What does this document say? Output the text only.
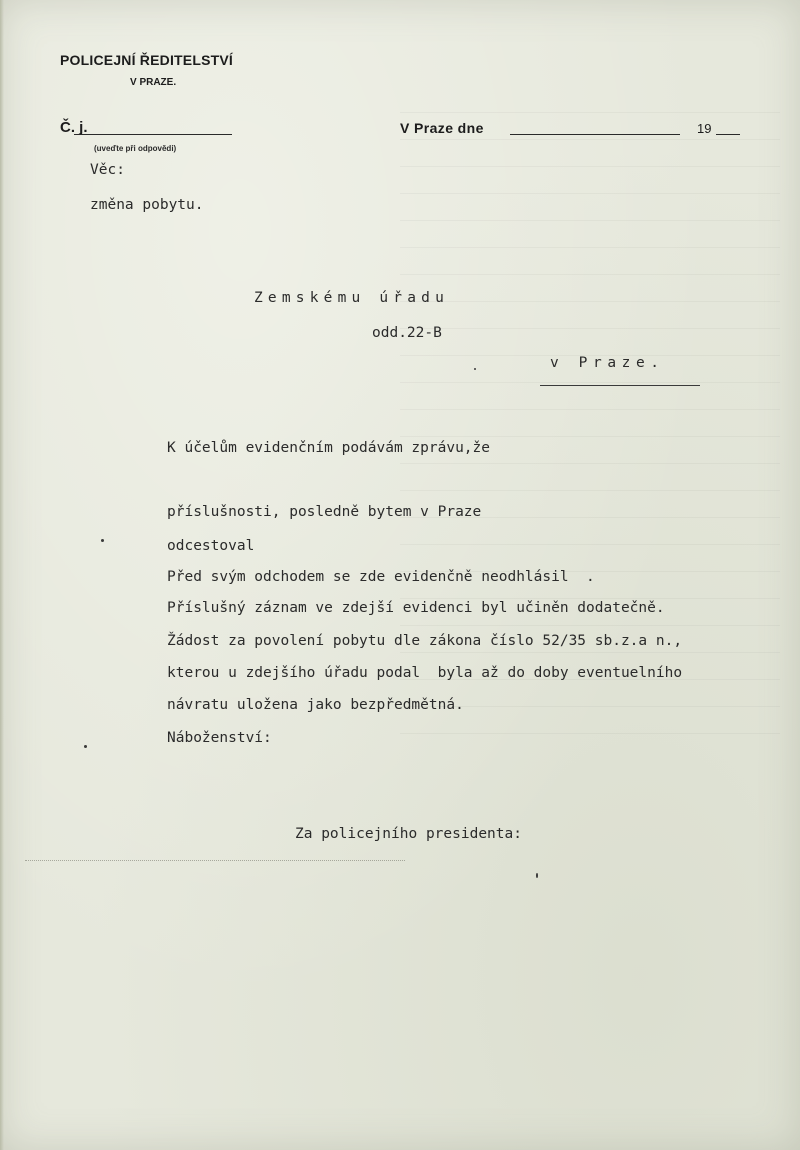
POLICEJNÍ ŘEDITELSTVÍ
V PRAZE.
Č. j.
(uveďte při odpovědi)
V Praze dne	19
Věc:
změna pobytu.
Zemskému úřadu
odd.22-B
v Praze.
K účelům evidenčním podávám zprávu,že
příslušnosti, posledně bytem v Praze
odcestoval
Před svým odchodem se zde evidenčně neodhlásil  .
Příslušný záznam ve zdejší evidenci byl učiněn dodatečně.
Žádost za povolení pobytu dle zákona číslo 52/35 sb.z.a n.,
kterou u zdejšího úřadu podal  byla až do doby eventuelního
návratu uložena jako bezpředmětná.
Náboženství:
Za policejního presidenta:
